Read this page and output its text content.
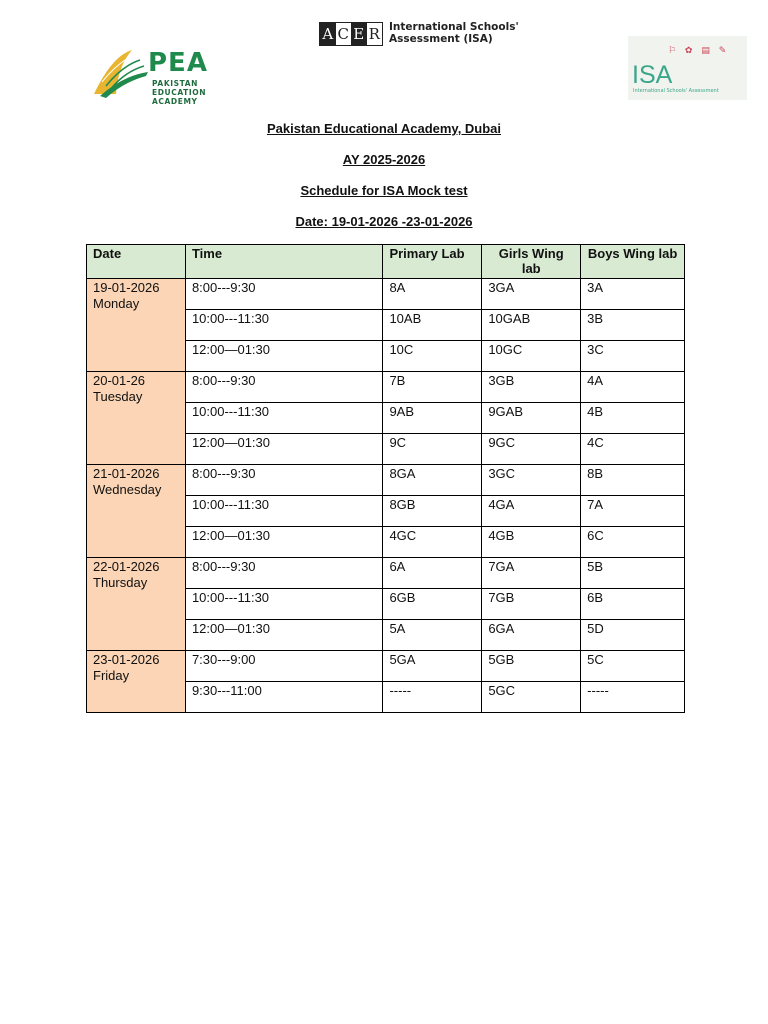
A C E R International Schools'
Assessment (ISA)
PEA
PAKISTAN
EDUCATION
ACADEMY
⚐ ✿ ▤ ✎
ISA
International Schools' Assessment

Pakistan Educational Academy, Dubai

AY 2025-2026

Schedule for ISA Mock test

Date: 19-01-2026 -23-01-2026

Date	Time	Primary Lab	Girls Wing lab	Boys Wing lab

19-01-2026
Monday	8:00---9:30	8A	3GA	3A
	10:00---11:30	10AB	10GAB	3B
	12:00—01:30	10C	10GC	3C

20-01-26
Tuesday	8:00---9:30	7B	3GB	4A
	10:00---11:30	9AB	9GAB	4B
	12:00—01:30	9C	9GC	4C

21-01-2026
Wednesday	8:00---9:30	8GA	3GC	8B
	10:00---11:30	8GB	4GA	7A
	12:00—01:30	4GC	4GB	6C

22-01-2026
Thursday	8:00---9:30	6A	7GA	5B
	10:00---11:30	6GB	7GB	6B
	12:00—01:30	5A	6GA	5D

23-01-2026
Friday	7:30---9:00	5GA	5GB	5C
	9:30---11:00	-----	5GC	-----
